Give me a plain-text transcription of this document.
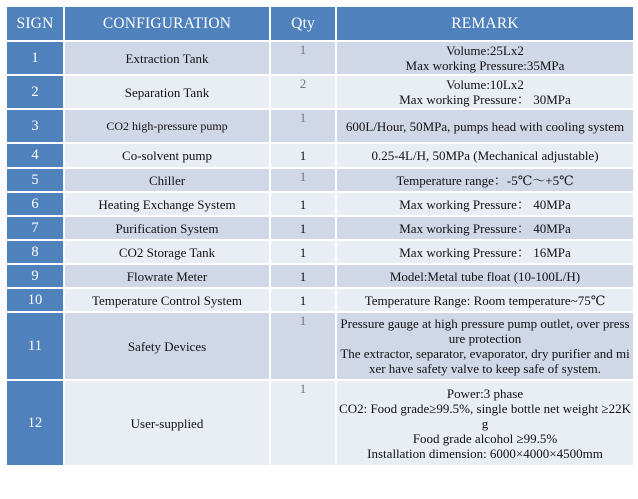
SIGN	CONFIGURATION	Qty	REMARK
1	Extraction Tank	1	Volume:25Lx2
Max working Pressure:35MPa

2	Separation Tank	2	Volume:10Lx2
Max working Pressure： 30MPa

3	CO2 high-pressure pump	1	600L/Hour, 50MPa, pumps head with cooling system

4	Co-solvent pump	1	0.25-4L/H, 50MPa (Mechanical adjustable)

5	Chiller	1	Temperature range：-5℃～+5℃

6	Heating Exchange System	1	Max working Pressure： 40MPa

7	Purification System	1	Max working Pressure： 40MPa

8	CO2 Storage Tank	1	Max working Pressure： 16MPa

9	Flowrate Meter	1	Model:Metal tube float (10-100L/H)

10	Temperature Control System	1	Temperature Range: Room temperature~75℃

11	Safety Devices	1	Pressure gauge at high pressure pump outlet, over pressure protection
The extractor, separator, evaporator, dry purifier and mixer have safety valve to keep safe of system.

12	User-supplied	1	Power:3 phase
CO2: Food grade≥99.5%, single bottle net weight ≥22Kg
Food grade alcohol ≥99.5%
Installation dimension: 6000×4000×4500mm
